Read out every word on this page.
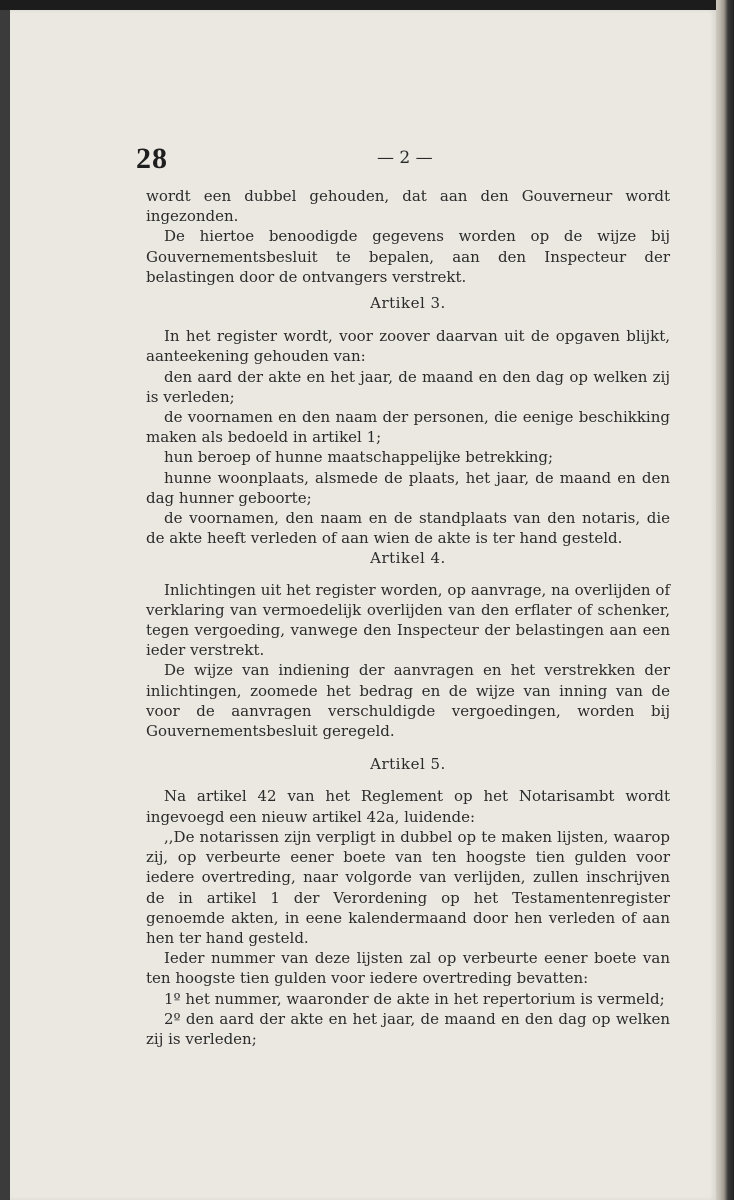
28	— 2 —

wordt een dubbel gehouden, dat aan den Gouverneur wordt ingezonden.

De hiertoe benoodigde gegevens worden op de wijze bij Gouvernementsbesluit te bepalen, aan den Inspecteur der belastingen door de ontvangers verstrekt.

Artikel 3.

In het register wordt, voor zoover daarvan uit de opgaven blijkt, aanteekening gehouden van:

den aard der akte en het jaar, de maand en den dag op welken zij is verleden;

de voornamen en den naam der personen, die eenige beschikking maken als bedoeld in artikel 1;

hun beroep of hunne maatschappelijke betrekking;

hunne woonplaats, alsmede de plaats, het jaar, de maand en den dag hunner geboorte;

de voornamen, den naam en de standplaats van den notaris, die de akte heeft verleden of aan wien de akte is ter hand gesteld.

Artikel 4.

Inlichtingen uit het register worden, op aanvrage, na overlijden of verklaring van vermoedelijk overlijden van den erflater of schenker, tegen vergoeding, vanwege den Inspecteur der belastingen aan een ieder verstrekt.

De wijze van indiening der aanvragen en het verstrekken der inlichtingen, zoomede het bedrag en de wijze van inning van de voor de aanvragen verschuldigde vergoedingen, worden bij Gouvernementsbesluit geregeld.

Artikel 5.

Na artikel 42 van het Reglement op het Notarisambt wordt ingevoegd een nieuw artikel 42a, luidende:

,,De notarissen zijn verpligt in dubbel op te maken lijsten, waarop zij, op verbeurte eener boete van ten hoogste tien gulden voor iedere overtreding, naar volgorde van verlijden, zullen inschrijven de in artikel 1 der Verordening op het Testamentenregister genoemde akten, in eene kalendermaand door hen verleden of aan hen ter hand gesteld.

Ieder nummer van deze lijsten zal op verbeurte eener boete van ten hoogste tien gulden voor iedere overtreding bevatten:

1º het nummer, waaronder de akte in het repertorium is vermeld;

2º den aard der akte en het jaar, de maand en den dag op welken zij is verleden;
